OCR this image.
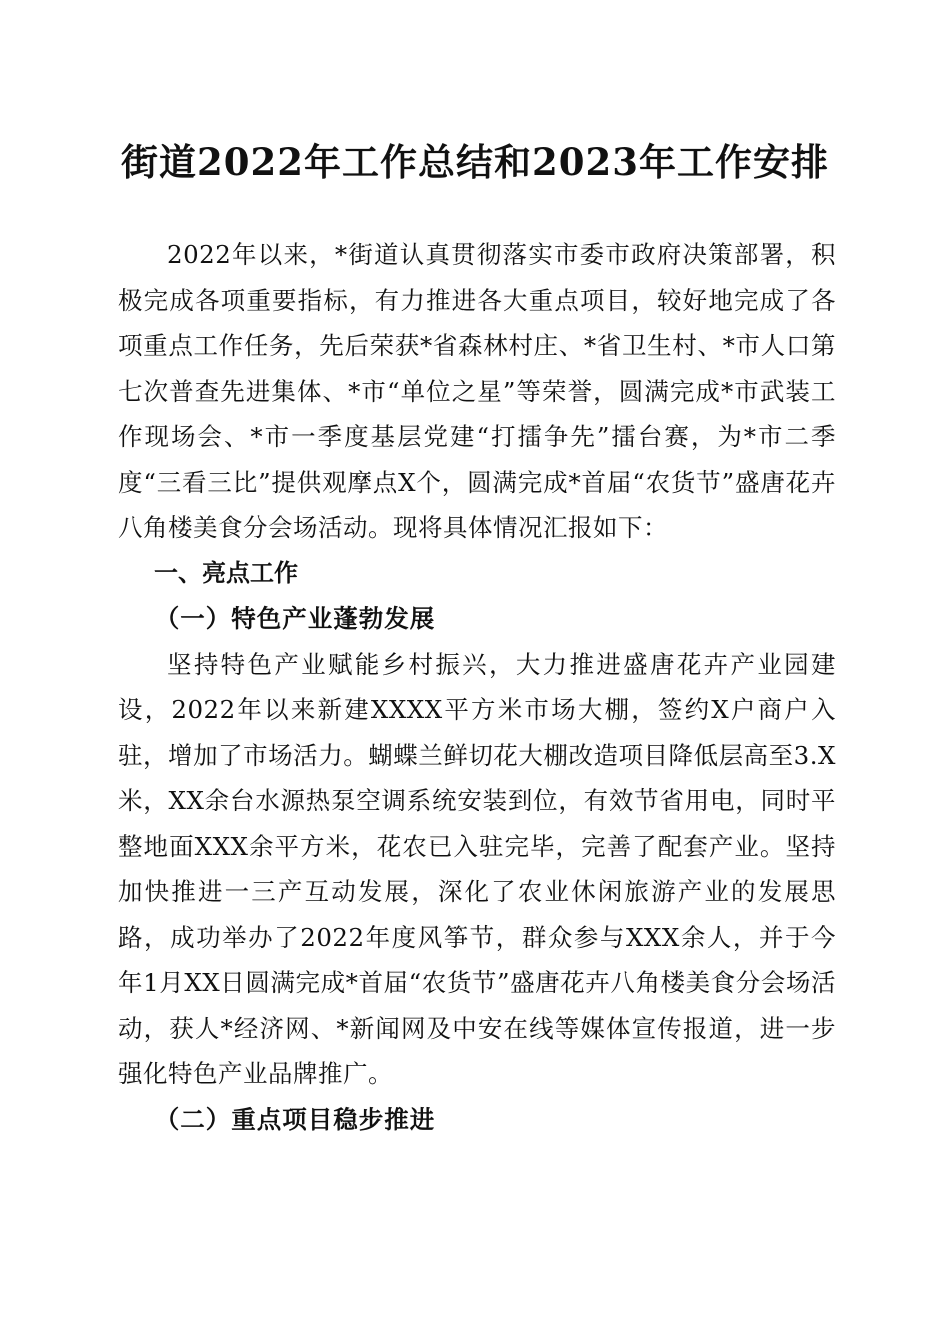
街道2022年工作总结和2023年工作安排

2022年以来，*街道认真贯彻落实市委市政府决策部署，积极完成各项重要指标，有力推进各大重点项目，较好地完成了各项重点工作任务，先后荣获*省森林村庄、*省卫生村、*市人口第七次普查先进集体、*市“单位之星”等荣誉，圆满完成*市武装工作现场会、*市一季度基层党建“打擂争先”擂台赛，为*市二季度“三看三比”提供观摩点X个，圆满完成*首届“农货节”盛唐花卉八角楼美食分会场活动。现将具体情况汇报如下：

一、亮点工作

（一）特色产业蓬勃发展

坚持特色产业赋能乡村振兴，大力推进盛唐花卉产业园建设，2022年以来新建XXXX平方米市场大棚，签约X户商户入驻，增加了市场活力。蝴蝶兰鲜切花大棚改造项目降低层高至3.X米，XX余台水源热泵空调系统安装到位，有效节省用电，同时平整地面XXX余平方米，花农已入驻完毕，完善了配套产业。坚持加快推进一三产互动发展，深化了农业休闲旅游产业的发展思路，成功举办了2022年度风筝节，群众参与XXX余人，并于今年1月XX日圆满完成*首届“农货节”盛唐花卉八角楼美食分会场活动，获人*经济网、*新闻网及中安在线等媒体宣传报道，进一步强化特色产业品牌推广。

（二）重点项目稳步推进
